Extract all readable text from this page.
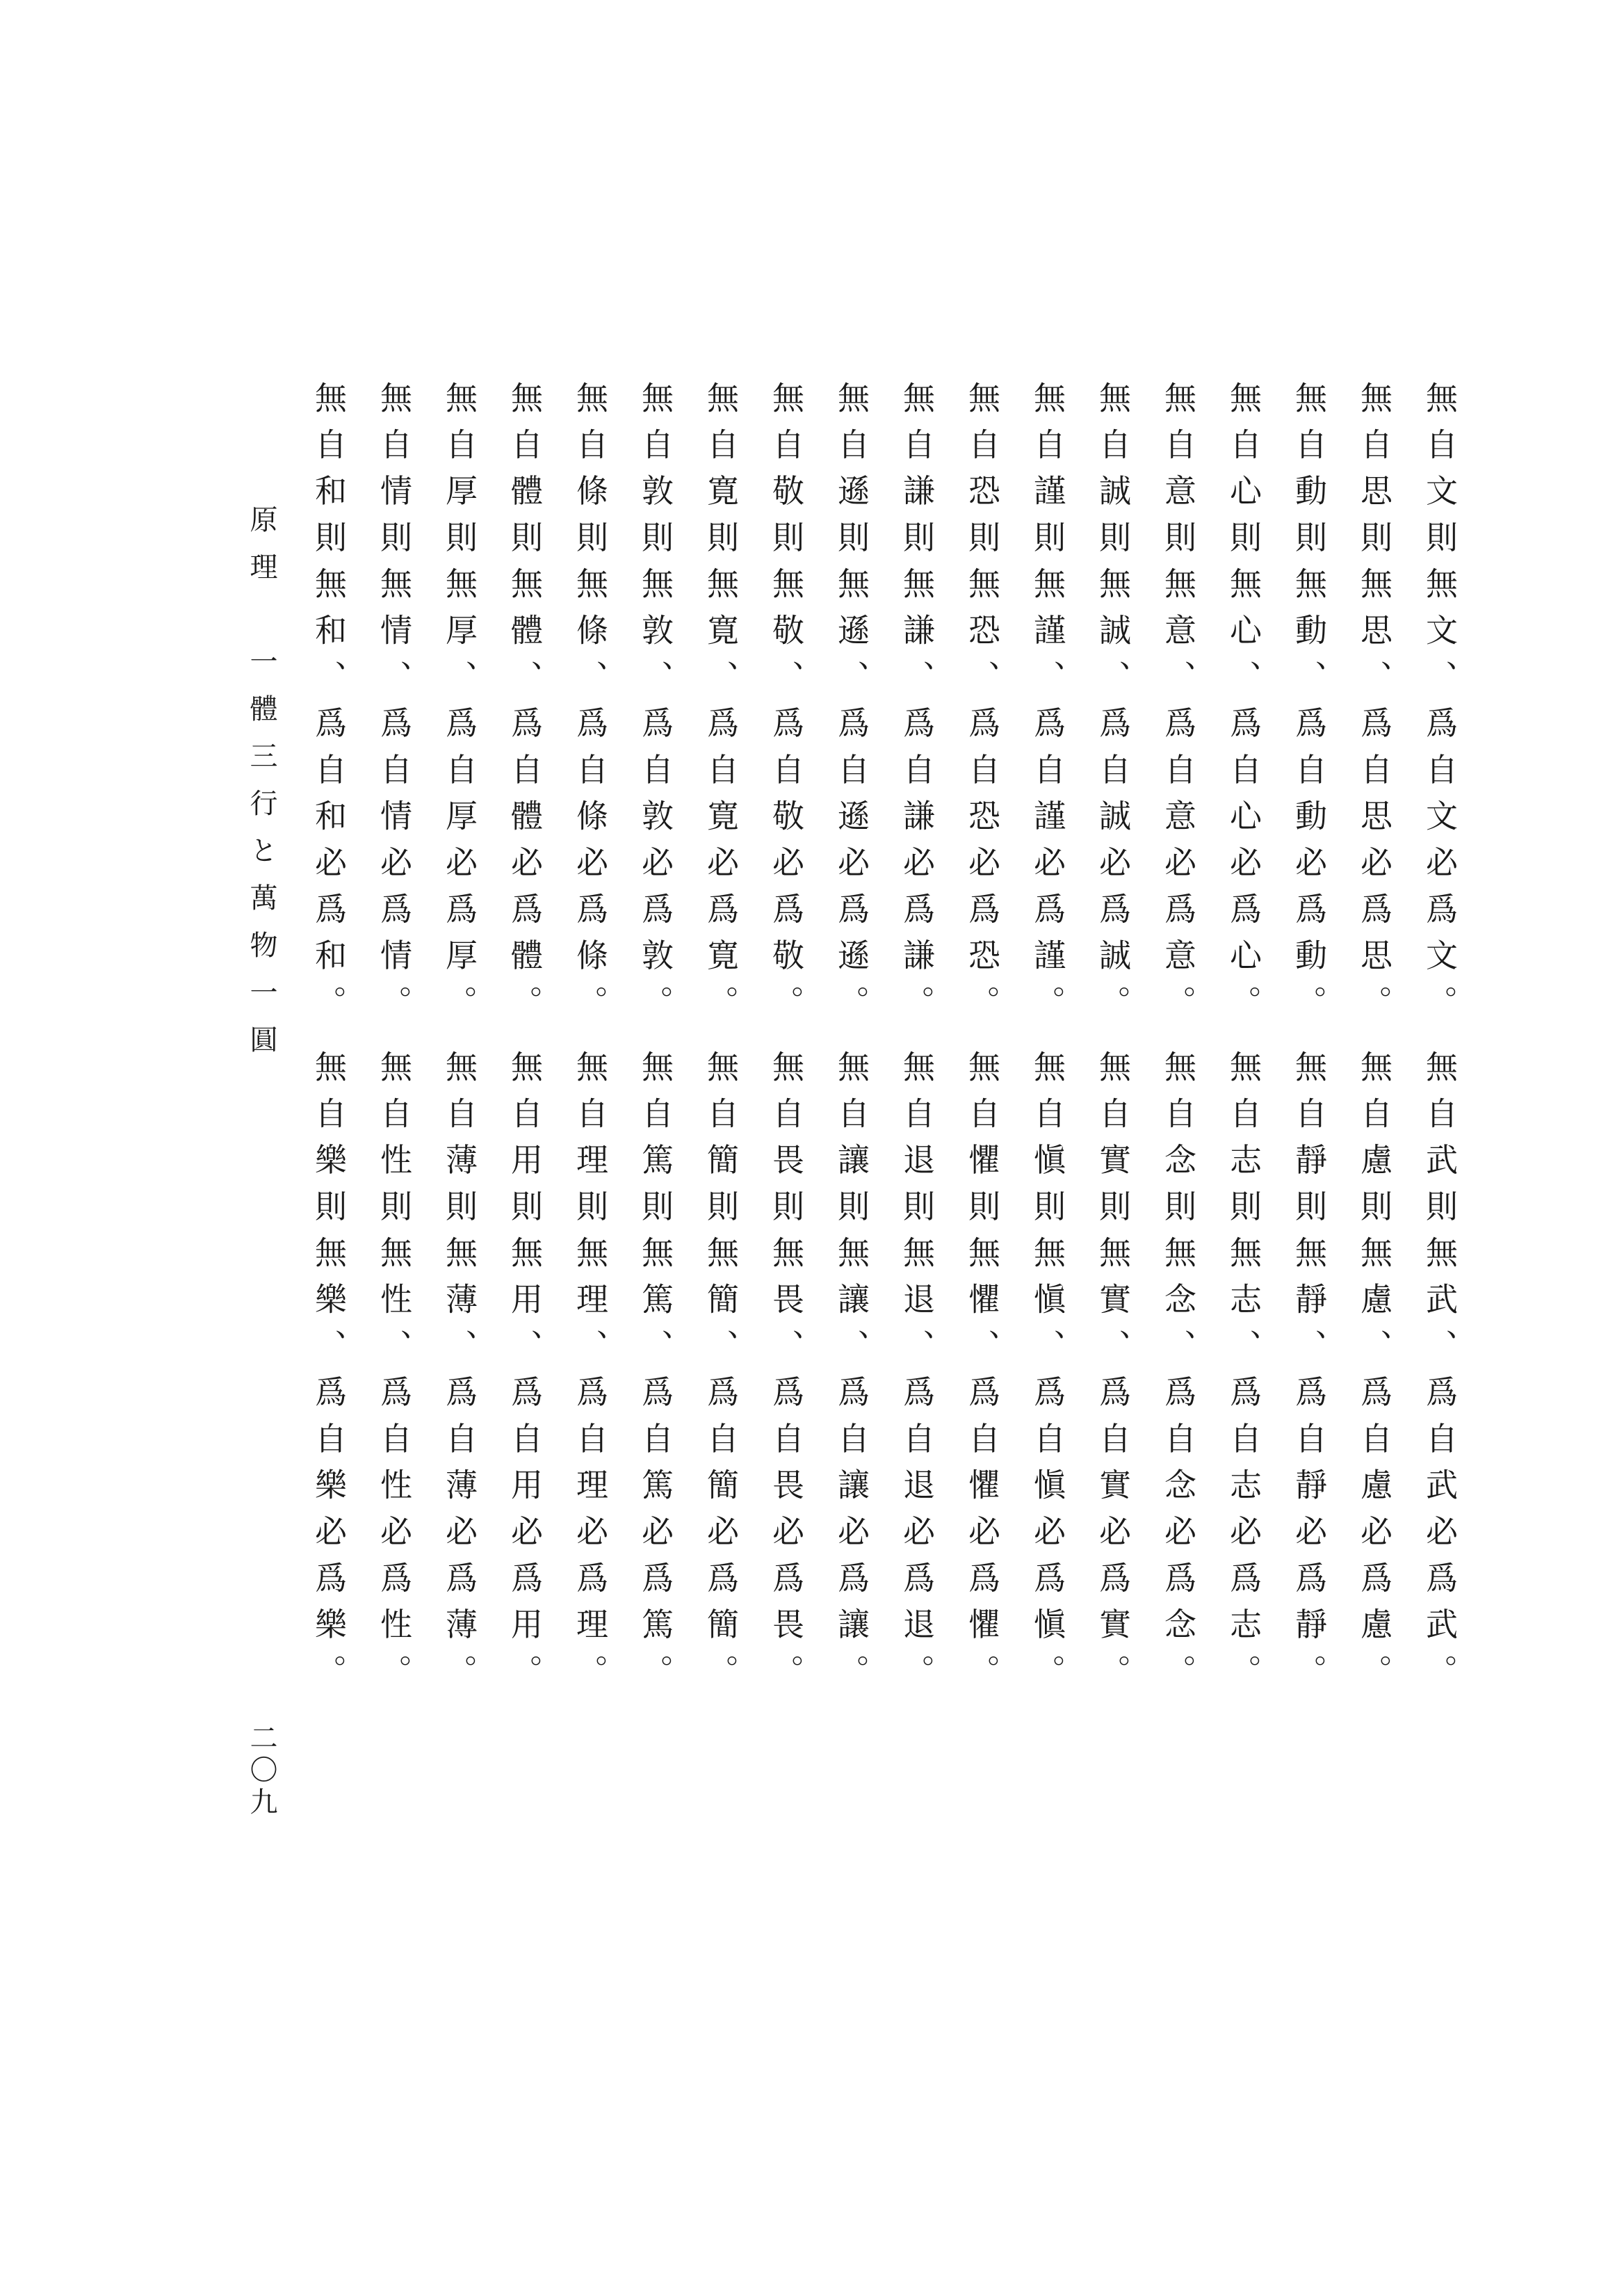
原理　一體三行と萬物一圓
二〇九
無自文則無文、爲自文必爲文。
無自思則無思、爲自思必爲思。
無自動則無動、爲自動必爲動。
無自心則無心、爲自心必爲心。
無自意則無意、爲自意必爲意。
無自誠則無誠、爲自誠必爲誠。
無自謹則無謹、爲自謹必爲謹。
無自恐則無恐、爲自恐必爲恐。
無自謙則無謙、爲自謙必爲謙。
無自遜則無遜、爲自遜必爲遜。
無自敬則無敬、爲自敬必爲敬。
無自寛則無寛、爲自寛必爲寛。
無自敦則無敦、爲自敦必爲敦。
無自條則無條、爲自條必爲條。
無自體則無體、爲自體必爲體。
無自厚則無厚、爲自厚必爲厚。
無自情則無情、爲自情必爲情。
無自和則無和、爲自和必爲和。
無自武則無武、爲自武必爲武。
無自慮則無慮、爲自慮必爲慮。
無自靜則無靜、爲自靜必爲靜。
無自志則無志、爲自志必爲志。
無自念則無念、爲自念必爲念。
無自實則無實、爲自實必爲實。
無自愼則無愼、爲自愼必爲愼。
無自懼則無懼、爲自懼必爲懼。
無自退則無退、爲自退必爲退。
無自讓則無讓、爲自讓必爲讓。
無自畏則無畏、爲自畏必爲畏。
無自簡則無簡、爲自簡必爲簡。
無自篤則無篤、爲自篤必爲篤。
無自理則無理、爲自理必爲理。
無自用則無用、爲自用必爲用。
無自薄則無薄、爲自薄必爲薄。
無自性則無性、爲自性必爲性。
無自樂則無樂、爲自樂必爲樂。
